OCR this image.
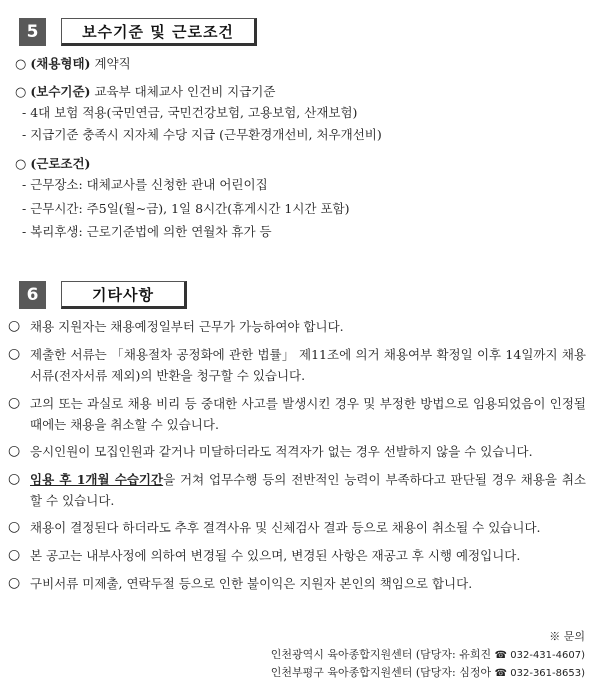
5	보수기준 및 근로조건
○ (채용형태) 계약직
○ (보수기준) 교육부 대체교사 인건비 지급기준
- 4대 보험 적용(국민연금, 국민건강보험, 고용보험, 산재보험)
- 지급기준 충족시 지자체 수당 지급 (근무환경개선비, 처우개선비)
○ (근로조건)
- 근무장소: 대체교사를 신청한 관내 어린이집
- 근무시간: 주5일(월~금), 1일 8시간(휴게시간 1시간 포함)
- 복리후생: 근로기준법에 의한 연월차 휴가 등
6	기타사항
○ 채용 지원자는 채용예정일부터 근무가 가능하여야 합니다.
○ 제출한 서류는 「채용절차 공정화에 관한 법률」 제11조에 의거 채용여부 확정일 이후 14일까지 채용서류(전자서류 제외)의 반환을 청구할 수 있습니다.
○ 고의 또는 과실로 채용 비리 등 중대한 사고를 발생시킨 경우 및 부정한 방법으로 임용되었음이 인정될 때에는 채용을 취소할 수 있습니다.
○ 응시인원이 모집인원과 같거나 미달하더라도 적격자가 없는 경우 선발하지 않을 수 있습니다.
○ 임용 후 1개월 수습기간을 거쳐 업무수행 등의 전반적인 능력이 부족하다고 판단될 경우 채용을 취소할 수 있습니다.
○ 채용이 결정된다 하더라도 추후 결격사유 및 신체검사 결과 등으로 채용이 취소될 수 있습니다.
○ 본 공고는 내부사정에 의하여 변경될 수 있으며, 변경된 사항은 재공고 후 시행 예정입니다.
○ 구비서류 미제출, 연락두절 등으로 인한 불이익은 지원자 본인의 책임으로 합니다.
※ 문의
인천광역시 육아종합지원센터 (담당자: 유희진 ☎ 032-431-4607)
인천부평구 육아종합지원센터 (담당자: 심정아 ☎ 032-361-8653)
